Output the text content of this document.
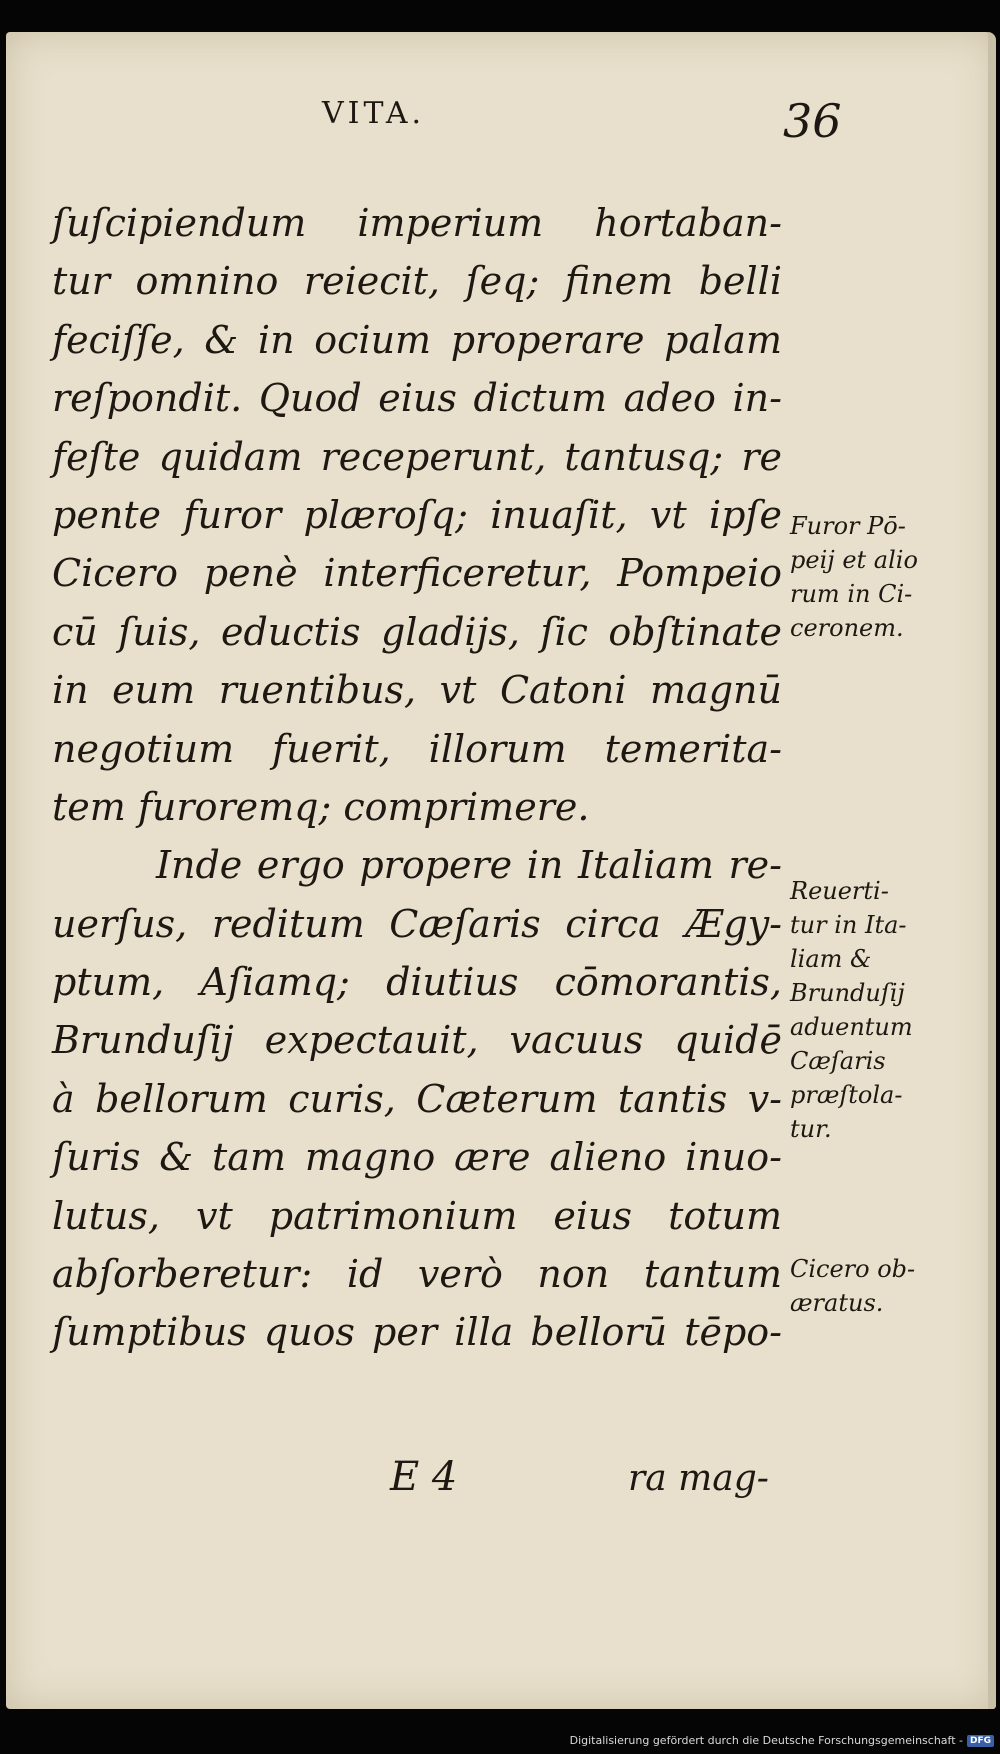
VITA.	36
ſuſcipiendum imperium hortaban-
tur omnino reiecit, ſeq; finem belli
feciſſe, & in ocium properare palam
reſpondit. Quod eius dictum adeo in-
feſte quidam receperunt, tantusq; re
pente furor plæroſq; inuaſit, vt ipſe
Cicero penè interficeretur, Pompeio
cū ſuis, eductis gladijs, ſic obſtinate
in eum ruentibus, vt Catoni magnū
negotium fuerit, illorum temerita-
tem furoremq; comprimere.
Inde ergo propere in Italiam re-
uerſus, reditum Cæſaris circa Ægy-
ptum, Aſiamq; diutius cōmorantis,
Brunduſij expectauit, vacuus quidē
à bellorum curis, Cæterum tantis v-
ſuris & tam magno ære alieno inuo-
lutus, vt patrimonium eius totum
abſorberetur: id verò non tantum
ſumptibus quos per illa bellorū tēpo-
Furor Pō-
peij et alio
rum in Ci-
ceronem.
Reuerti-
tur in Ita-
liam &
Brunduſij
aduentum
Cæſaris
præſtola-
tur.
Cicero ob-
æratus.
E 4	ra mag-
Digitalisierung gefördert durch die Deutsche Forschungsgemeinschaft - DFG
